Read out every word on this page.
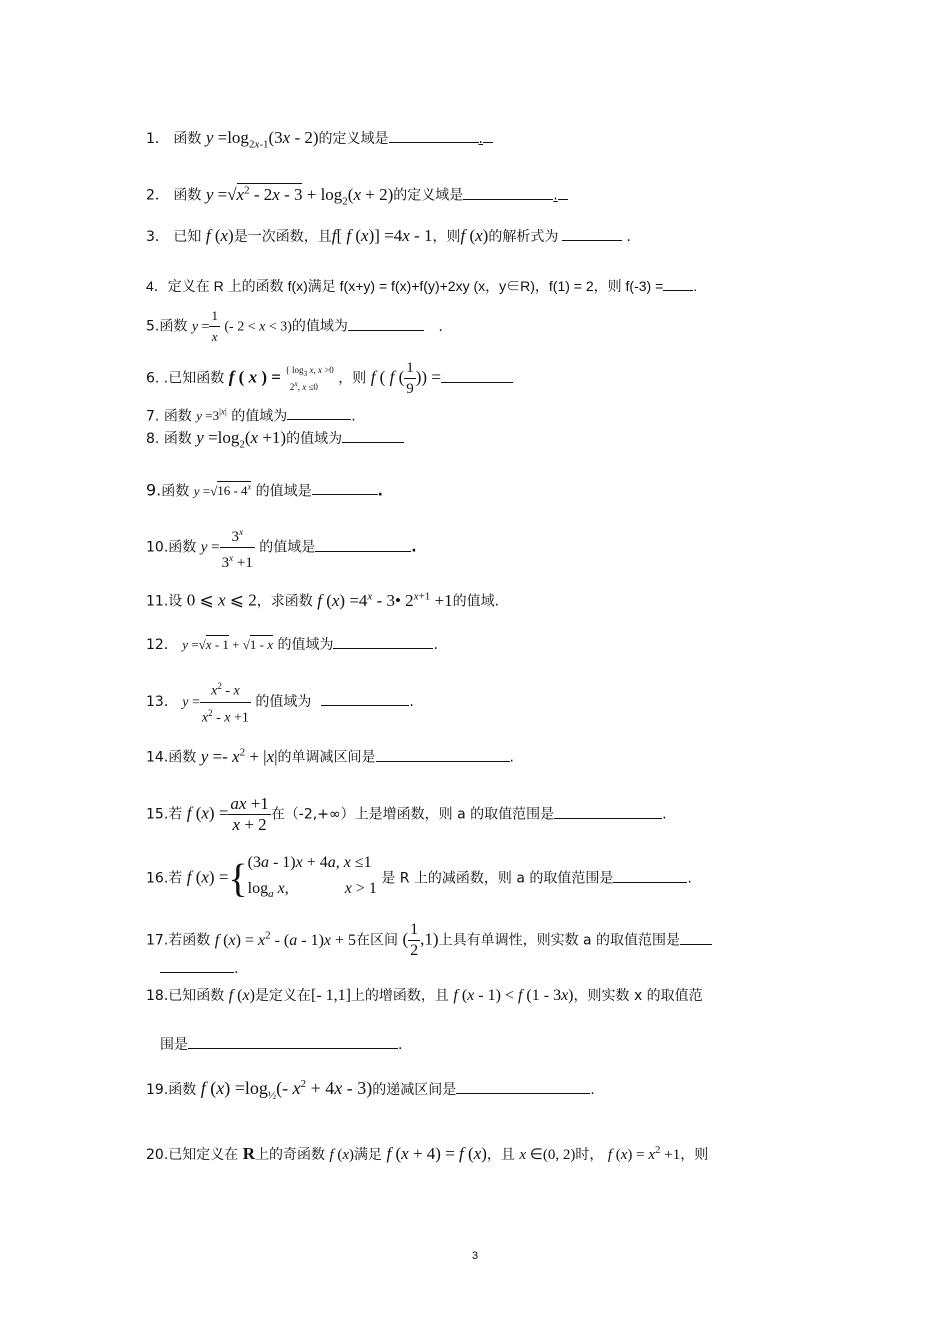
1． 函数 $y =\log_{2x-1}(3x - 2)$的定义域是	.
2． 函数 $y =√x^2 - 2x - 3 + \log_2(x + 2)$的定义域是	.
3． 已知 f (x)是一次函数，且f[ f (x)] =4x - 1，则f (x)的解析式为	.
4．定义在 R 上的函数 f(x)满足 f(x+y) = f(x)+f(y)+2xy (x，y∈R)，f(1) = 2，则 f(-3) = .
5.函数 $y = \frac{1}{x}$ (- 2 < x < 3)的值域为	.
6. .已知函数 f ( x ) = { $\log_3 x$, x >0
2$^x$, x ≤0 ，则 f ( f ( $\frac{1}{9}$ )) =
7. 函数 $y =3^{|x|}$ 的值域为	.
8. 函数 $y =\log_2(x +1)$的值域为
9.函数 y =√16 - 4$^x$ 的值域是	.
10.函数 $y = \frac{3^x}{3^x +1}$ 的值域是	.
11.设 0 ⩽ x ⩽ 2，求函数 f $(x) =4^x$ - 3• $2^{x+1} +1$的值域.
12． y =√x - 1 + √1 - x 的值域为	.
13． $y = \frac{x^2 - x}{x^2 - x +1}$ 的值域为	.
14.函数 $y =- x^2 + |x|$的单调减区间是	.
15.若 f $(x) = \frac{ax +1}{x + 2}$ 在（-2,+∞）上是增函数，则 a 的取值范围是	.
16.若 f (x) ={ (3a - 1)x + 4a, x ≤1
$\log_a x$,              x > 1
是 R 上的减函数，则 a 的取值范围是	.
17.若函数 f $(x) = x^2 - (a - 1)x + 5$在区间 ( $\frac{1}{2} ,1$)上具有单调性，则实数 a 的取值范围是
.
18.已知函数 f (x)是定义在[- 1,1]上的增函数，且 f (x - 1) < f (1 - 3x)，则实数 x 的取值范
围是	.
19.函数 f $(x) =\log_{\frac{1}{2}}(-$ $x^2 + 4x - 3$)的递减区间是	.
20.已知定义在 R上的奇函数 f (x)满足 f (x + 4) = f (x)，且 x ∈(0, 2)时， f $(x) = x^2 +1$，则
3
